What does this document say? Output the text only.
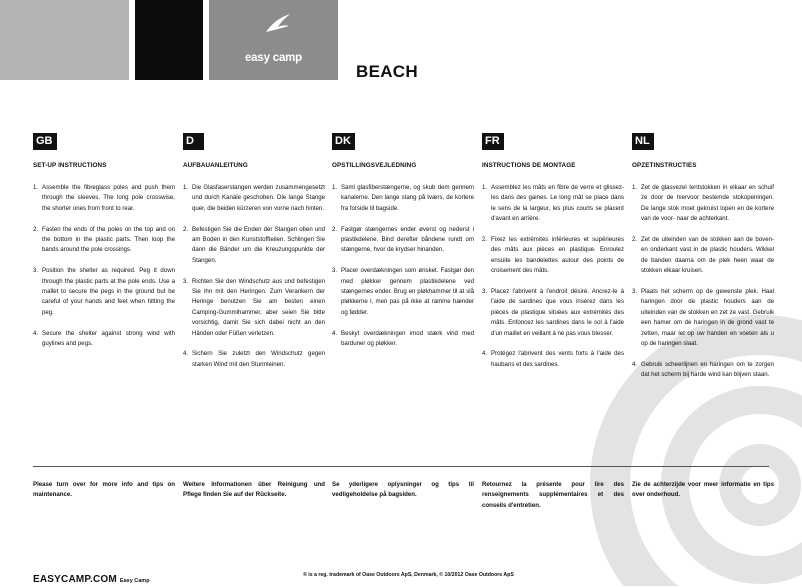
easy camp
BEACH
GB
SET-UP INSTRUCTIONS
1. Assemble the fibreglass poles and push them through the sleeves. The long pole crosswise, the shorter ones from front to rear.
2. Fasten the ends of the poles on the top and on the bottom in the plastic parts. Then loop the bands around the pole crossings.
3. Position the shelter as required. Peg it down through the plastic parts at the pole ends. Use a mallet to secure the pegs in the ground but be careful of your hands and feet when hitting the peg.
4. Secure the shelter against strong wind with guylines and pegs.
D
AUFBAUANLEITUNG
1. Die Glasfaserstangen werden zusammengesetzt und durch Kanäle geschoben. Die lange Stange quer, die beiden kürzeren von vorne nach hinten.
2. Befestigen Sie die Enden der Stangen oben und am Boden in den Kunststoffteilen. Schlingen Sie dann die Bänder um die Kreuzungspunkte der Stangen.
3. Richten Sie den Windschutz aus und befestigen Sie ihn mit den Heringen. Zum Verankern der Heringe benutzen Sie am besten einen Camping-Gummihammer, aber seien Sie bitte vorsichtig, damit Sie sich dabei nicht an den Händen oder Füßen verletzen.
4. Sichern Sie zuletzt den Windschutz gegen starken Wind mit den Sturmleinen.
DK
OPSTILLINGSVEJLEDNING
1. Saml glasfiberstængerne, og skub dem gennem kanalerne. Den lange stang på tværs, de kortere fra forside til bagside.
2. Fastgør stængernes ender øverst og nederst i plastikdelene. Bind derefter båndene rundt om stængerne, hvor de krydser hinanden.
3. Placer overdækningen som ønsket. Fastgør den med pløkker gennem plastikdelene ved stængernes ender. Brug en pløkhammer til at slå pløkkerne i, men pas på ikke at ramme hænder og fødder.
4. Beskyt overdækningen imod stærk vind med barduner og pløkker.
FR
INSTRUCTIONS DE MONTAGE
1. Assemblez les mâts en fibre de verre et glissez-les dans des gaines. Le long mât se place dans le sens de la largeur, les plus courts se placent d'avant en arrière.
2. Fixez les extrémités inférieures et supérieures des mâts aux pièces en plastique. Enroulez ensuite les bandelettes autour des points de croisement des mâts.
3. Placez l'abrivent à l'endroit désiré. Ancrez-le à l'aide de sardines que vous insérez dans les pièces de plastique situées aux extrémités des mâts. Enfoncez les sardines dans le sol à l'aide d'un maillet en veillant à ne pas vous blesser.
4. Protégez l'abrivent des vents forts à l'aide des haubans et des sardines.
NL
OPZETINSTRUCTIES
1. Zet de glasvezel tentstokken in elkaar en schuif ze door de hiervoor bestemde stokopeningen. De lange stok moet gekruist lopen en de kortere van de voor- naar de achterkant.
2. Zet de uiteinden van de stokken aan de boven- en onderkant vast in de plastic houders. Wikkel de banden daarna om de plek heen waar de stokken elkaar kruisen.
3. Plaats het scherm op de gewenste plek. Haal haringen door de plastic houders aan de uiteinden van de stokken en zet ze vast. Gebruik een hamer om de haringen in de grond vast te zetten, maar let op uw handen en voeten als u op de haringen slaat.
4. Gebruik scheerlijnen en haringen om te zorgen dat het scherm bij harde wind kan blijven staan.
Please turn over for more info and tips on maintenance.
Weitere Informationen über Reinigung und Pflege finden Sie auf der Rückseite.
Se yderligere oplysninger og tips til vedligeholdelse på bagsiden.
Retournez la présente pour lire des renseignements supplémentaires et des conseils d'entretien.
Zie de achterzijde voor meer informatie en tips over onderhoud.
EASYCAMP.COM Easy Camp
® is a reg. trademark of Oase Outdoors ApS, Denmark, © 10/2012 Oase Outdoors ApS
